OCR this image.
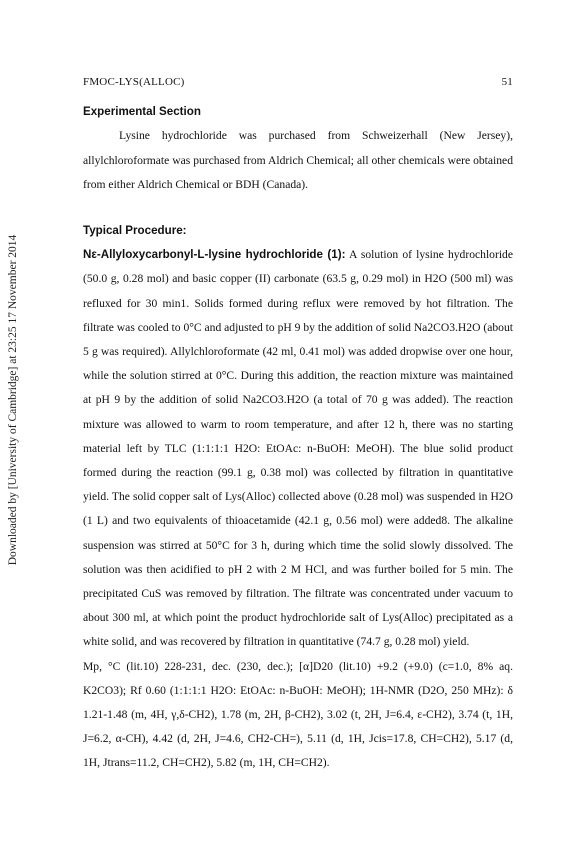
Downloaded by [University of Cambridge] at 23:25 17 November 2014
FMOC-LYS(ALLOC)	51
Experimental Section

Lysine hydrochloride was purchased from Schweizerhall (New Jersey), allylchloroformate was purchased from Aldrich Chemical; all other chemicals were obtained from either Aldrich Chemical or BDH (Canada).

Typical Procedure:

Nε-Allyloxycarbonyl-L-lysine hydrochloride (1): A solution of lysine hydrochloride (50.0 g, 0.28 mol) and basic copper (II) carbonate (63.5 g, 0.29 mol) in H2O (500 ml) was refluxed for 30 min1. Solids formed during reflux were removed by hot filtration. The filtrate was cooled to 0°C and adjusted to pH 9 by the addition of solid Na2CO3.H2O (about 5 g was required). Allylchloroformate (42 ml, 0.41 mol) was added dropwise over one hour, while the solution stirred at 0°C. During this addition, the reaction mixture was maintained at pH 9 by the addition of solid Na2CO3.H2O (a total of 70 g was added). The reaction mixture was allowed to warm to room temperature, and after 12 h, there was no starting material left by TLC (1:1:1:1 H2O: EtOAc: n-BuOH: MeOH). The blue solid product formed during the reaction (99.1 g, 0.38 mol) was collected by filtration in quantitative yield. The solid copper salt of Lys(Alloc) collected above (0.28 mol) was suspended in H2O (1 L) and two equivalents of thioacetamide (42.1 g, 0.56 mol) were added8. The alkaline suspension was stirred at 50°C for 3 h, during which time the solid slowly dissolved. The solution was then acidified to pH 2 with 2 M HCl, and was further boiled for 5 min. The precipitated CuS was removed by filtration. The filtrate was concentrated under vacuum to about 300 ml, at which point the product hydrochloride salt of Lys(Alloc) precipitated as a white solid, and was recovered by filtration in quantitative (74.7 g, 0.28 mol) yield.

Mp, °C (lit.10) 228-231, dec. (230, dec.); [α]D20 (lit.10) +9.2 (+9.0) (c=1.0, 8% aq. K2CO3); Rf 0.60 (1:1:1:1 H2O: EtOAc: n-BuOH: MeOH); 1H-NMR (D2O, 250 MHz): δ 1.21-1.48 (m, 4H, γ,δ-CH2), 1.78 (m, 2H, β-CH2), 3.02 (t, 2H, J=6.4, ε-CH2), 3.74 (t, 1H, J=6.2, α-CH), 4.42 (d, 2H, J=4.6, CH2-CH=), 5.11 (d, 1H, Jcis=17.8, CH=CH2), 5.17 (d, 1H, Jtrans=11.2, CH=CH2), 5.82 (m, 1H, CH=CH2).
